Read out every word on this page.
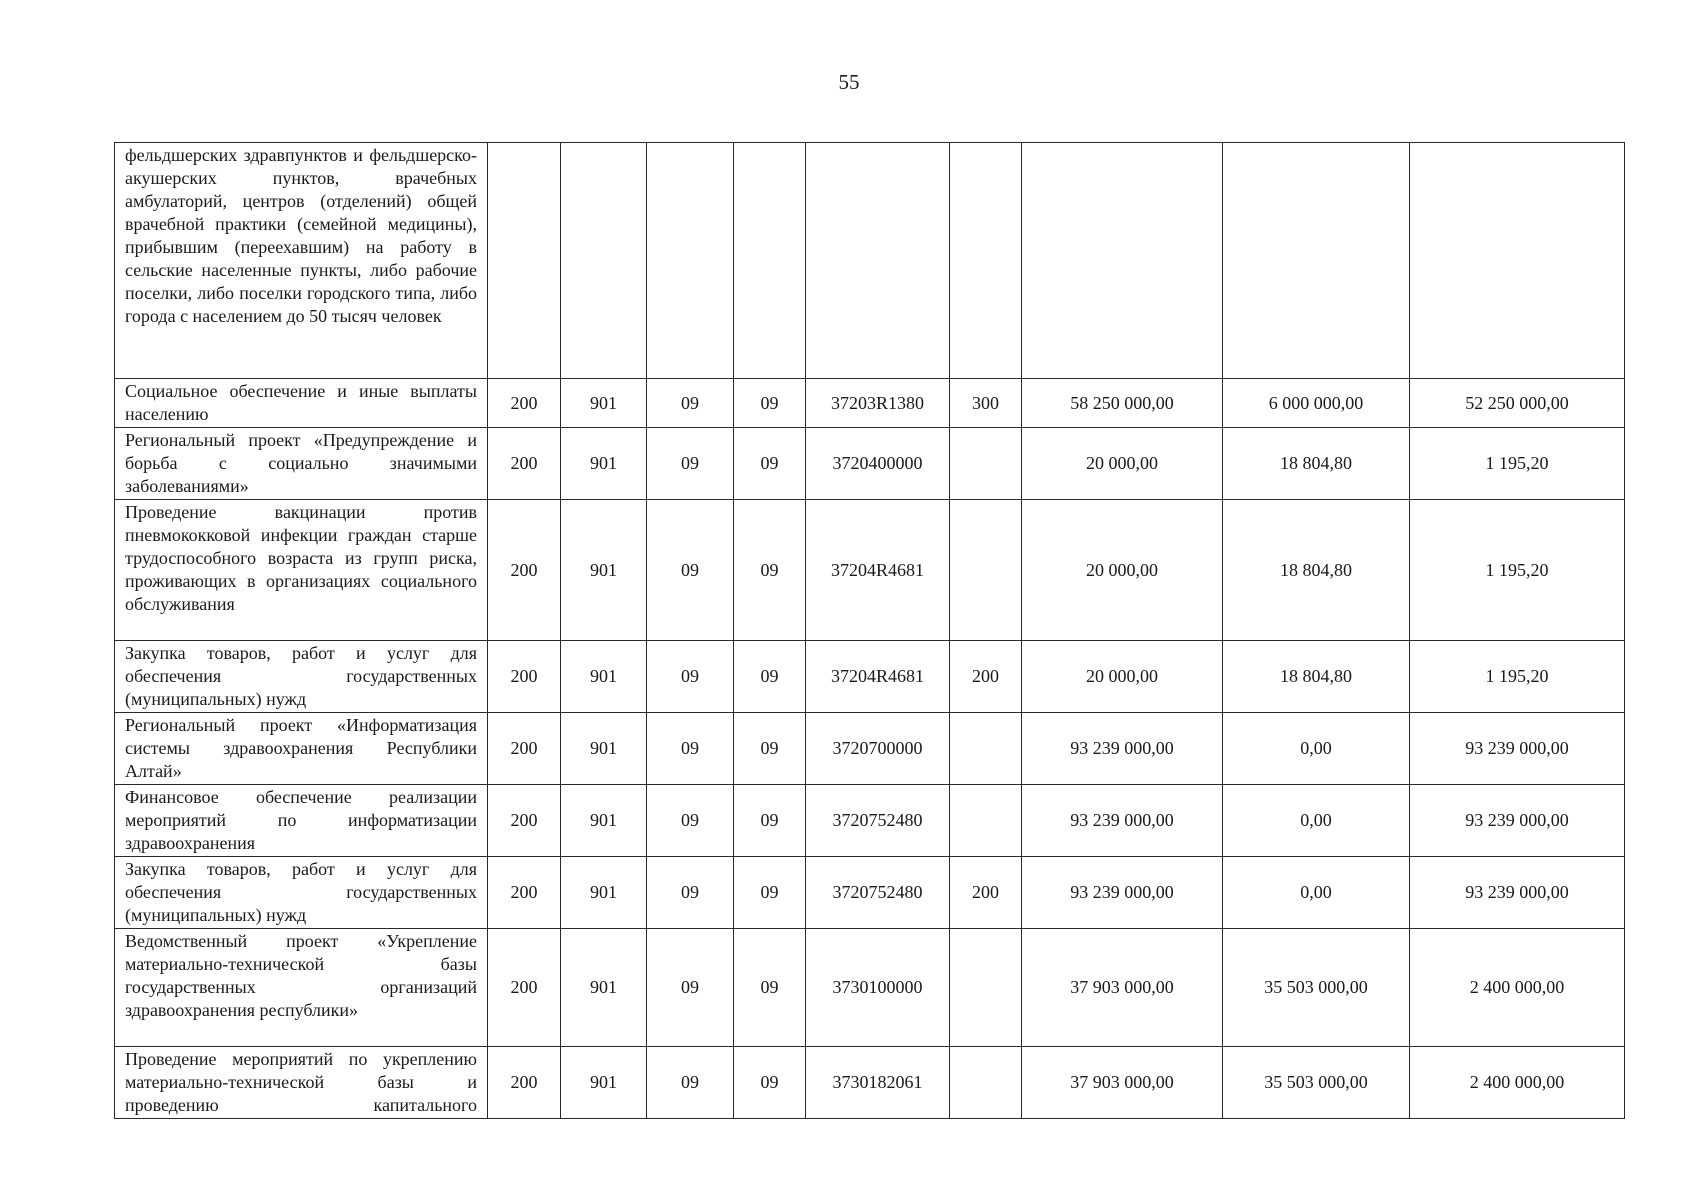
55
фельдшерских здравпунктов и фельдшерско-акушерских пунктов, врачебных амбулаторий, центров (отделений) общей врачебной практики (семейной медицины), прибывшим (переехавшим) на работу в сельские населенные пункты, либо рабочие поселки, либо поселки городского типа, либо города с населением до 50 тысяч человек									
Социальное обеспечение и иные выплаты населению	200	901	09	09	37203R1380	300	58 250 000,00	6 000 000,00	52 250 000,00
Региональный проект «Предупреждение и борьба с социально значимыми заболеваниями»	200	901	09	09	3720400000		20 000,00	18 804,80	1 195,20
Проведение вакцинации против пневмококковой инфекции граждан старше трудоспособного возраста из групп риска, проживающих в организациях социального обслуживания	200	901	09	09	37204R4681		20 000,00	18 804,80	1 195,20
Закупка товаров, работ и услуг для обеспечения государственных (муниципальных) нужд	200	901	09	09	37204R4681	200	20 000,00	18 804,80	1 195,20
Региональный проект «Информатизация системы здравоохранения Республики Алтай»	200	901	09	09	3720700000		93 239 000,00	0,00	93 239 000,00
Финансовое обеспечение реализации мероприятий по информатизации здравоохранения	200	901	09	09	3720752480		93 239 000,00	0,00	93 239 000,00
Закупка товаров, работ и услуг для обеспечения государственных (муниципальных) нужд	200	901	09	09	3720752480	200	93 239 000,00	0,00	93 239 000,00
Ведомственный проект «Укрепление материально-технической базы государственных организаций здравоохранения республики»	200	901	09	09	3730100000		37 903 000,00	35 503 000,00	2 400 000,00
Проведение мероприятий по укреплению материально-технической базы и проведению капитального	200	901	09	09	3730182061		37 903 000,00	35 503 000,00	2 400 000,00
